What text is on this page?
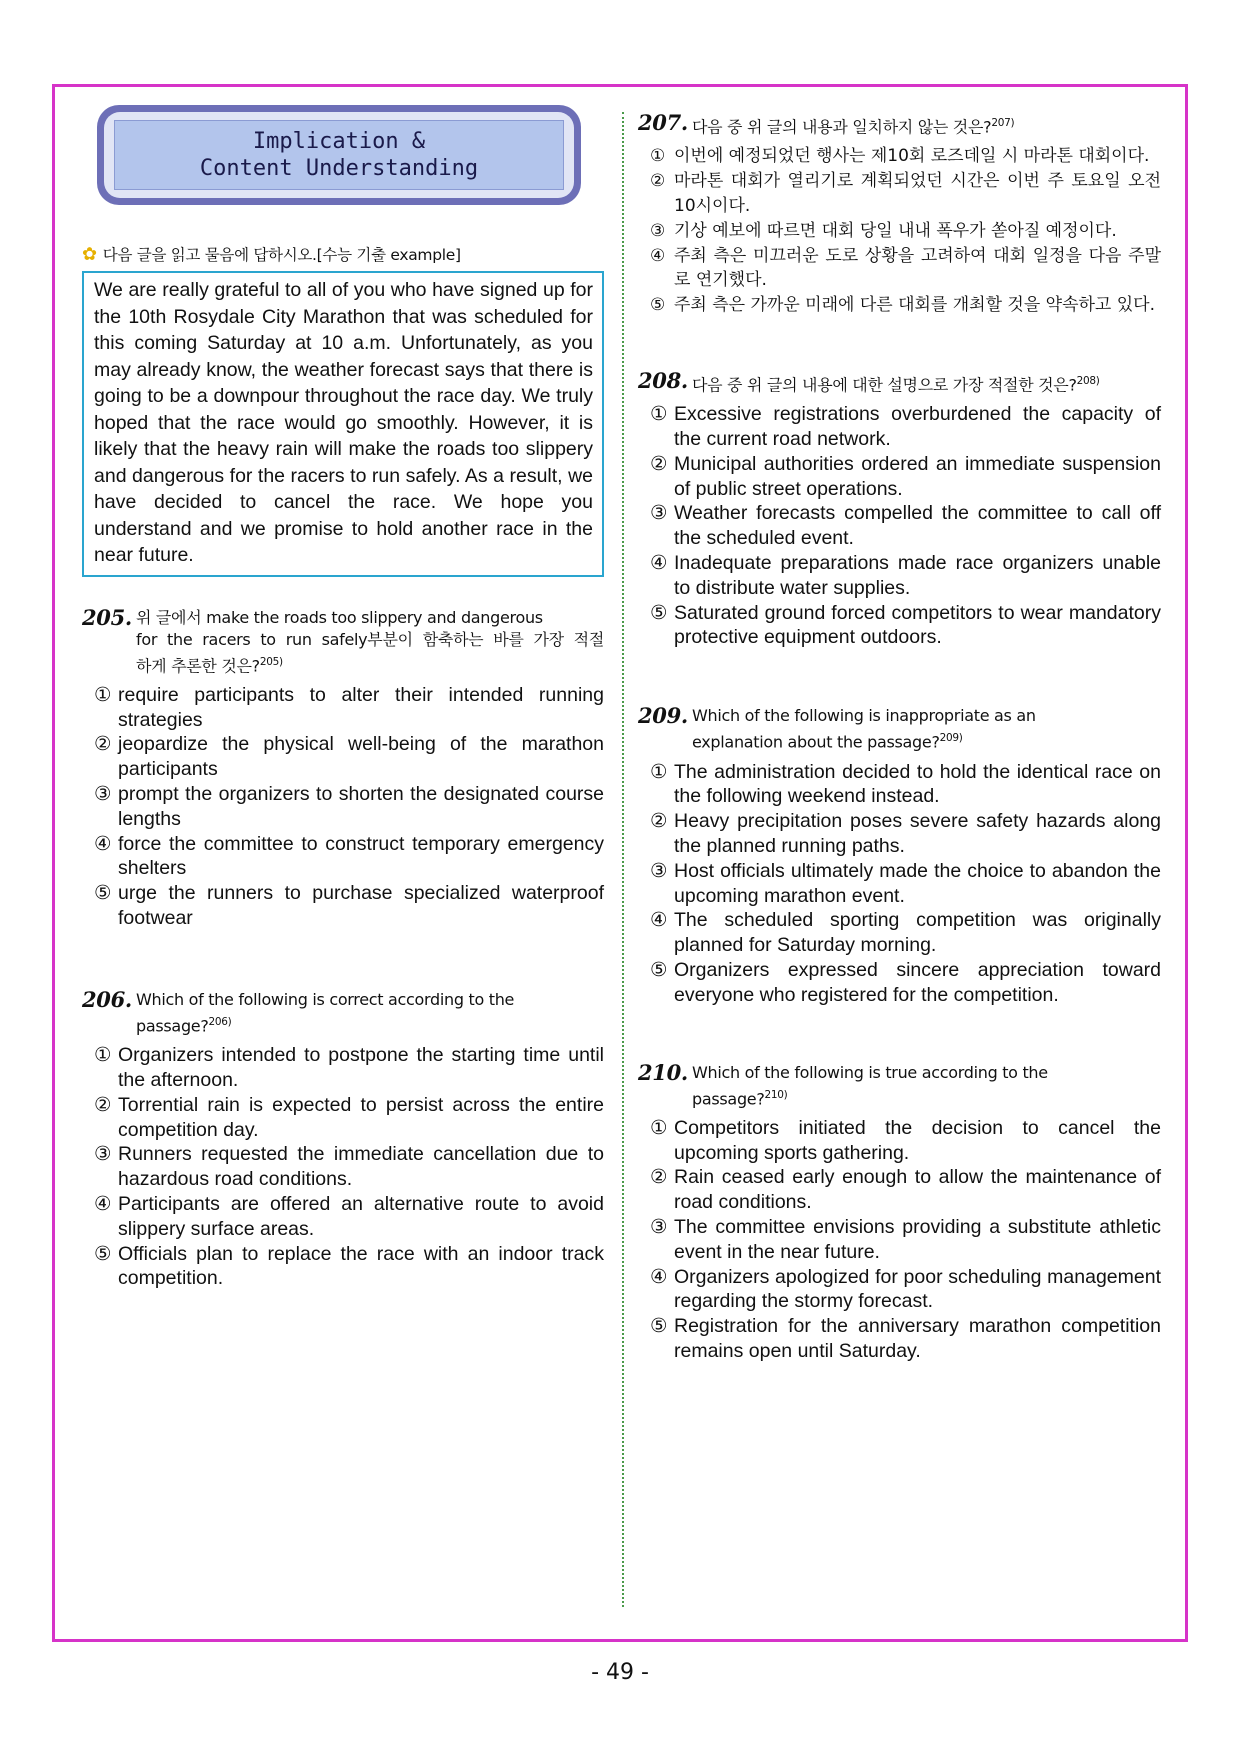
Implication &
Content Understanding
✿ 다음 글을 읽고 물음에 답하시오.[수능 기출 example]
We are really grateful to all of you who have signed up for the 10th Rosydale City Marathon that was scheduled for this coming Saturday at 10 a.m. Unfortunately, as you may already know, the weather forecast says that there is going to be a downpour throughout the race day. We truly hoped that the race would go smoothly. However, it is likely that the heavy rain will make the roads too slippery and dangerous for the racers to run safely. As a result, we have decided to cancel the race. We hope you understand and we promise to hold another race in the near future.
205. 위 글에서 make the roads too slippery and dangerous
for the racers to run safely부분이 함축하는 바를 가장 적절
하게 추론한 것은?$^{205)}$
① require participants to alter their intended running strategies
② jeopardize the physical well-being of the marathon participants
③ prompt the organizers to shorten the designated course lengths
④ force the committee to construct temporary emergency shelters
⑤ urge the runners to purchase specialized waterproof footwear
206. Which of the following is correct according to the
passage?$^{206)}$
① Organizers intended to postpone the starting time until the afternoon.
② Torrential rain is expected to persist across the entire competition day.
③ Runners requested the immediate cancellation due to hazardous road conditions.
④ Participants are offered an alternative route to avoid slippery surface areas.
⑤ Officials plan to replace the race with an indoor track competition.
207. 다음 중 위 글의 내용과 일치하지 않는 것은?$^{207)}$
① 이번에 예정되었던 행사는 제10회 로즈데일 시 마라톤 대회이다.
② 마라톤 대회가 열리기로 계획되었던 시간은 이번 주 토요일 오전 10시이다.
③ 기상 예보에 따르면 대회 당일 내내 폭우가 쏟아질 예정이다.
④ 주최 측은 미끄러운 도로 상황을 고려하여 대회 일정을 다음 주말로 연기했다.
⑤ 주최 측은 가까운 미래에 다른 대회를 개최할 것을 약속하고 있다.
208. 다음 중 위 글의 내용에 대한 설명으로 가장 적절한 것은?$^{208)}$
① Excessive registrations overburdened the capacity of the current road network.
② Municipal authorities ordered an immediate suspension of public street operations.
③ Weather forecasts compelled the committee to call off the scheduled event.
④ Inadequate preparations made race organizers unable to distribute water supplies.
⑤ Saturated ground forced competitors to wear mandatory protective equipment outdoors.
209. Which of the following is inappropriate as an
explanation about the passage?$^{209)}$
① The administration decided to hold the identical race on the following weekend instead.
② Heavy precipitation poses severe safety hazards along the planned running paths.
③ Host officials ultimately made the choice to abandon the upcoming marathon event.
④ The scheduled sporting competition was originally planned for Saturday morning.
⑤ Organizers expressed sincere appreciation toward everyone who registered for the competition.
210. Which of the following is true according to the
passage?$^{210)}$
① Competitors initiated the decision to cancel the upcoming sports gathering.
② Rain ceased early enough to allow the maintenance of road conditions.
③ The committee envisions providing a substitute athletic event in the near future.
④ Organizers apologized for poor scheduling management regarding the stormy forecast.
⑤ Registration for the anniversary marathon competition remains open until Saturday.
- 49 -
